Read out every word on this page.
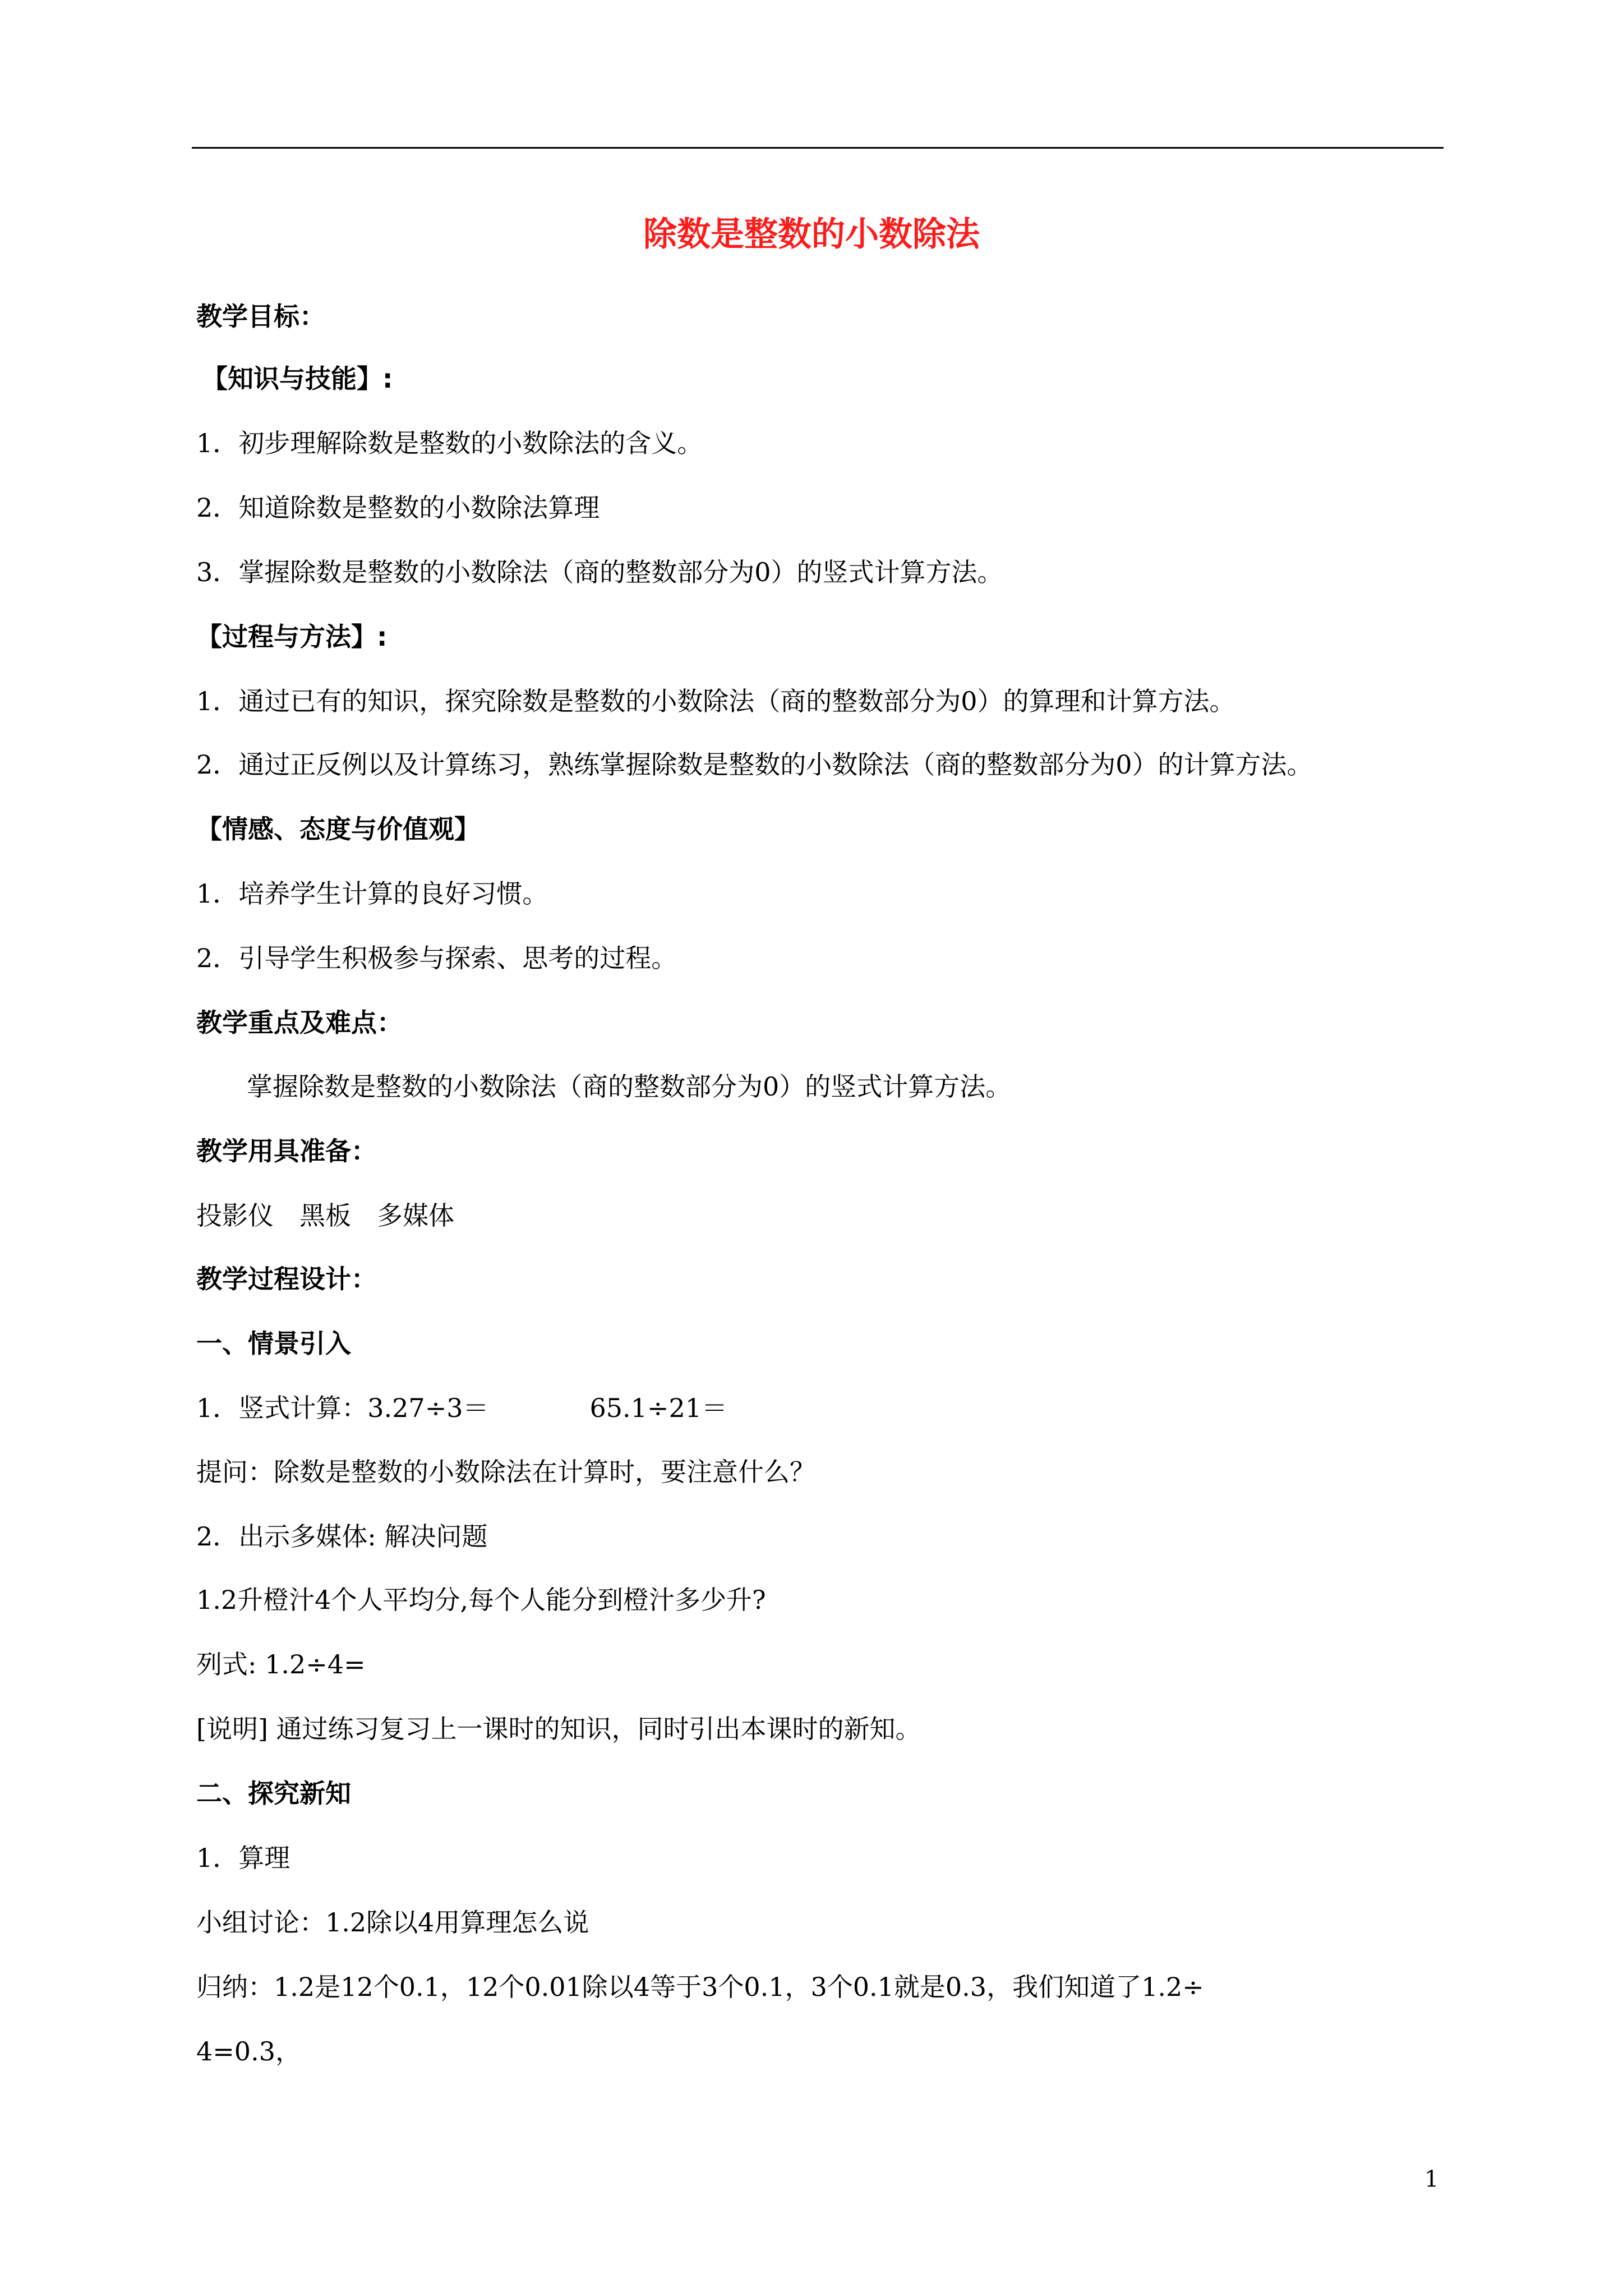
除数是整数的小数除法
教学目标：
【知识与技能】:
1．初步理解除数是整数的小数除法的含义。
2．知道除数是整数的小数除法算理
3．掌握除数是整数的小数除法（商的整数部分为0）的竖式计算方法。
【过程与方法】:
1．通过已有的知识，探究除数是整数的小数除法（商的整数部分为0）的算理和计算方法。
2．通过正反例以及计算练习，熟练掌握除数是整数的小数除法（商的整数部分为0）的计算方法。
【情感、态度与价值观】
1．培养学生计算的良好习惯。
2．引导学生积极参与探索、思考的过程。
教学重点及难点：
掌握除数是整数的小数除法（商的整数部分为0）的竖式计算方法。
教学用具准备：
投影仪　黑板　多媒体
教学过程设计：
一、情景引入
1．竖式计算：3.27÷3＝	65.1÷21＝
提问：除数是整数的小数除法在计算时，要注意什么？
2．出示多媒体: 解决问题
1.2升橙汁4个人平均分,每个人能分到橙汁多少升?
列式: 1.2÷4=
[说明] 通过练习复习上一课时的知识，同时引出本课时的新知。
二、探究新知
1．算理
小组讨论：1.2除以4用算理怎么说
归纳：1.2是12个0.1，12个0.01除以4等于3个0.1，3个0.1就是0.3，我们知道了1.2÷
4=0.3，
1
